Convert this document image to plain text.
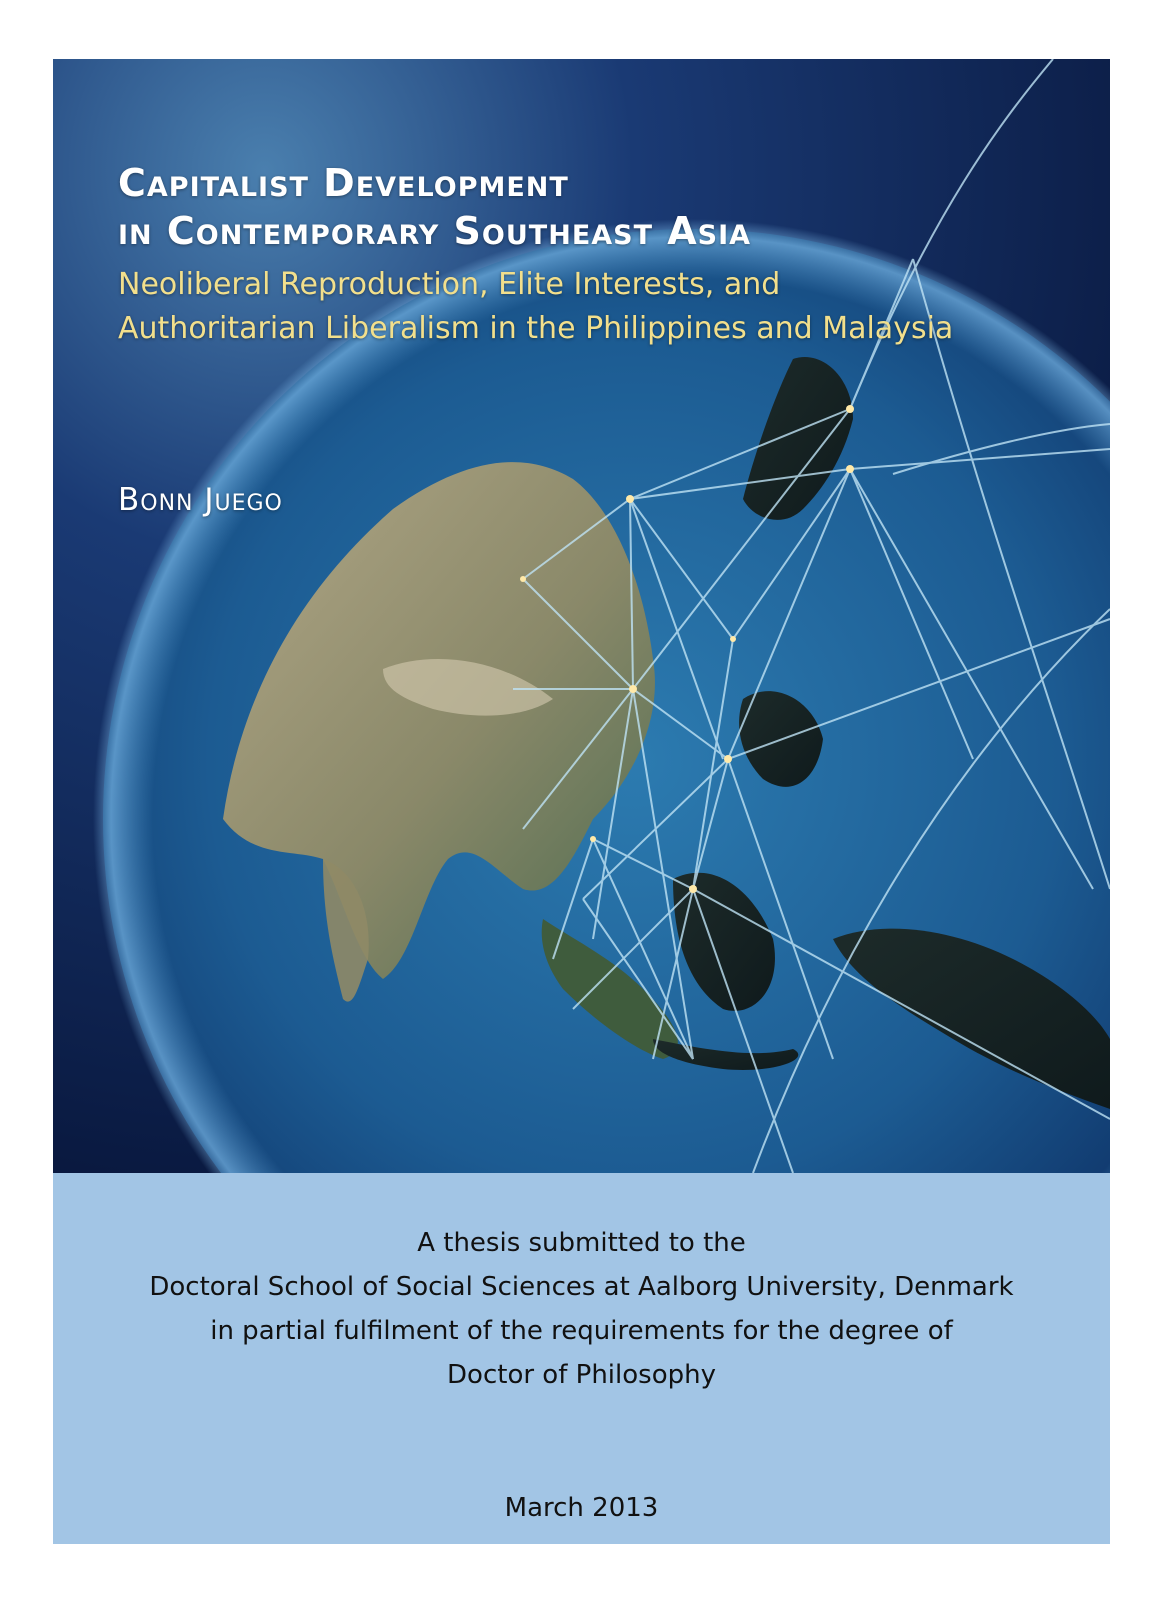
Capitalist Development

in Contemporary Southeast Asia

Neoliberal Reproduction, Elite Interests, and

Authoritarian Liberalism in the Philippines and Malaysia

Bonn Juego

A thesis submitted to the

Doctoral School of Social Sciences at Aalborg University, Denmark

in partial fulfilment of the requirements for the degree of

Doctor of Philosophy

March 2013
